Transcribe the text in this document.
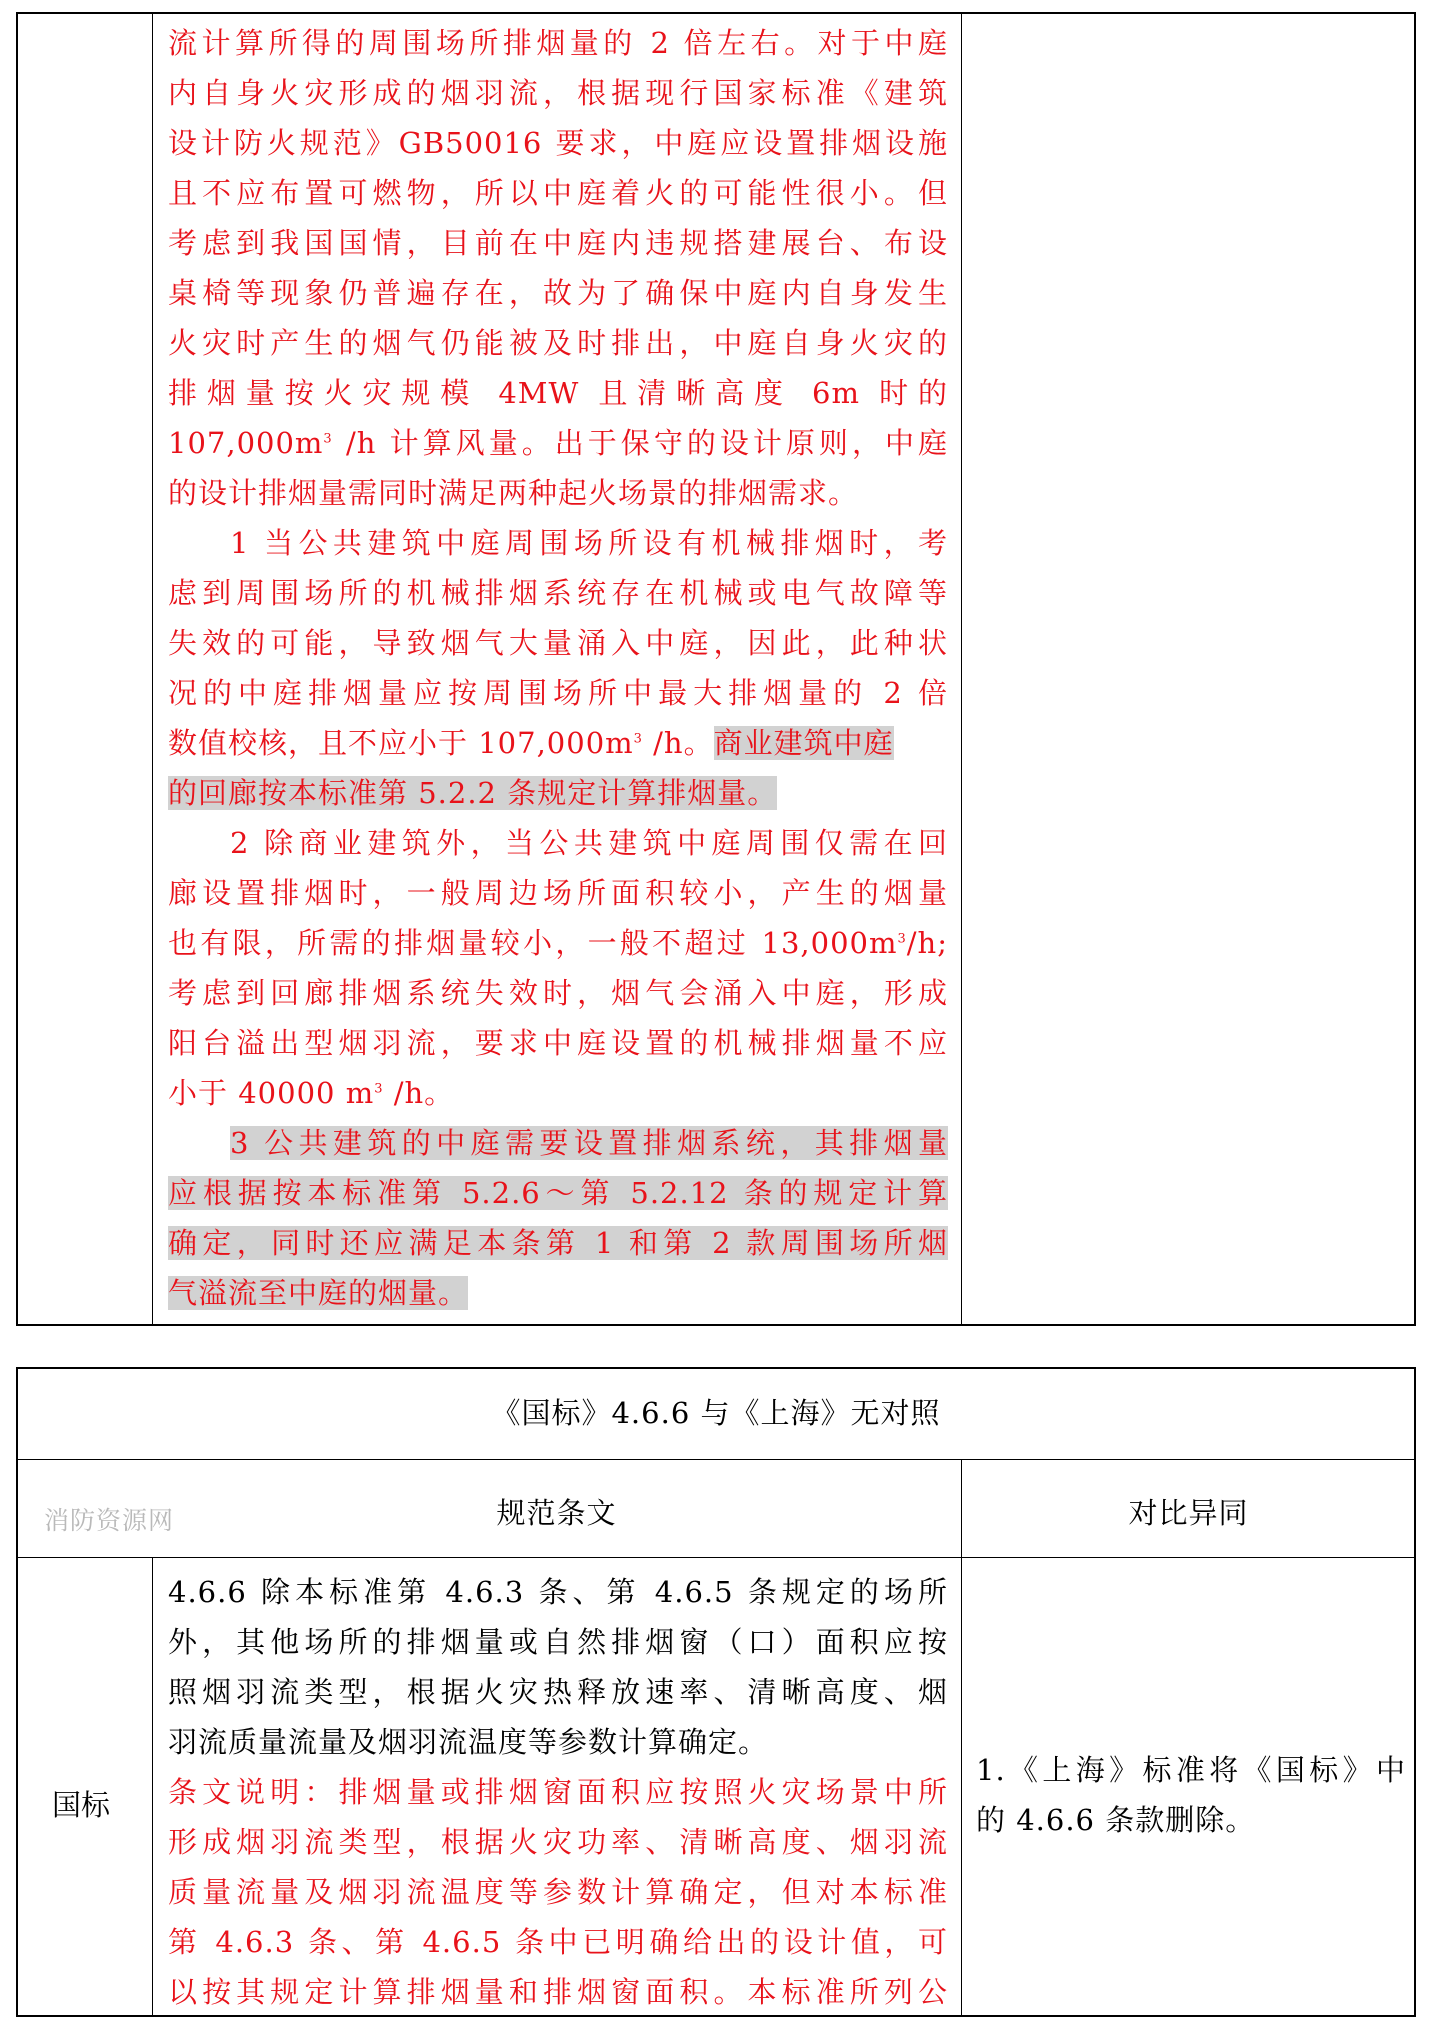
流计算所得的周围场所排烟量的 2 倍左右。对于中庭
内自身火灾形成的烟羽流，根据现行国家标准《建筑
设计防火规范》GB50016 要求，中庭应设置排烟设施
且不应布置可燃物，所以中庭着火的可能性很小。但
考虑到我国国情，目前在中庭内违规搭建展台、布设
桌椅等现象仍普遍存在，故为了确保中庭内自身发生
火灾时产生的烟气仍能被及时排出，中庭自身火灾的
排烟量按火灾规模 4MW 且清晰高度 6m 时的
$107,000m^3$ /h 计算风量。出于保守的设计原则，中庭
的设计排烟量需同时满足两种起火场景的排烟需求。
1 当公共建筑中庭周围场所设有机械排烟时，考
虑到周围场所的机械排烟系统存在机械或电气故障等
失效的可能，导致烟气大量涌入中庭，因此，此种状
况的中庭排烟量应按周围场所中最大排烟量的 2 倍
数值校核，且不应小于 $107,000m^3$ /h。商业建筑中庭
的回廊按本标准第 5.2.2 条规定计算排烟量。
2 除商业建筑外，当公共建筑中庭周围仅需在回
廊设置排烟时，一般周边场所面积较小，产生的烟量
也有限，所需的排烟量较小，一般不超过 $13,000m^3/h$;
考虑到回廊排烟系统失效时，烟气会涌入中庭，形成
阳台溢出型烟羽流，要求中庭设置的机械排烟量不应
小于 40000 $m^3$ /h。
3 公共建筑的中庭需要设置排烟系统，其排烟量
应根据按本标准第 5.2.6～第 5.2.12 条的规定计算
确定，同时还应满足本条第 1 和第 2 款周围场所烟
气溢流至中庭的烟量。
《国标》4.6.6 与《上海》无对照
消防资源网	规范条文	对比异同
国标
4.6.6 除本标准第 4.6.3 条、第 4.6.5 条规定的场所
外，其他场所的排烟量或自然排烟窗（口）面积应按
照烟羽流类型，根据火灾热释放速率、清晰高度、烟
羽流质量流量及烟羽流温度等参数计算确定。
条文说明：排烟量或排烟窗面积应按照火灾场景中所
形成烟羽流类型，根据火灾功率、清晰高度、烟羽流
质量流量及烟羽流温度等参数计算确定，但对本标准
第 4.6.3 条、第 4.6.5 条中已明确给出的设计值，可
以按其规定计算排烟量和排烟窗面积。本标准所列公
1.《上海》标准将《国标》中
的 4.6.6 条款删除。
